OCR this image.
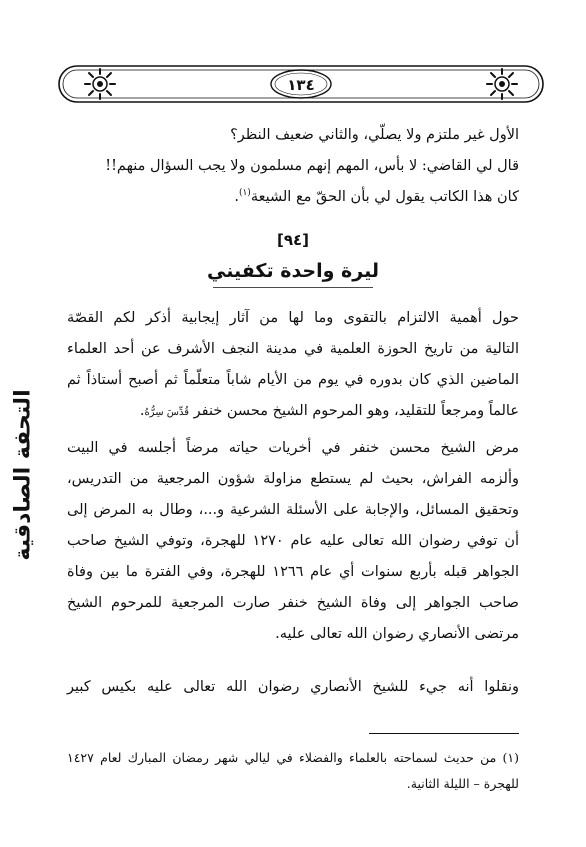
١٣٤
التحفة الصادقية
الأول غير ملتزم ولا يصلّي، والثاني ضعيف النظر؟
قال لي القاضي: لا بأس، المهم إنهم مسلمون ولا يجب السؤال منهم!!
كان هذا الكاتب يقول لي بأن الحقّ مع الشيعة$^{(١)}$.
[٩٤]
ليرة واحدة تكفيني
حول أهمية الالتزام بالتقوى وما لها من آثار إيجابية أذكر لكم القصّة
التالية من تاريخ الحوزة العلمية في مدينة النجف الأشرف عن أحد العلماء
الماضين الذي كان بدوره في يوم من الأيام شاباً متعلّماً ثم أصبح أستاذاً ثم
عالماً ومرجعاً للتقليد، وهو المرحوم الشيخ محسن خنفر قُدِّسَ سِرُّهُ.
مرض الشيخ محسن خنفر في أخريات حياته مرضاً أجلسه في البيت
وألزمه الفراش، بحيث لم يستطع مزاولة شؤون المرجعية من التدريس،
وتحقيق المسائل، والإجابة على الأسئلة الشرعية و...، وطال به المرض إلى
أن توفي رضوان الله تعالى عليه عام ١٢٧٠ للهجرة، وتوفي الشيخ صاحب
الجواهر قبله بأربع سنوات أي عام ١٢٦٦ للهجرة، وفي الفترة ما بين وفاة
صاحب الجواهر إلى وفاة الشيخ خنفر صارت المرجعية للمرحوم الشيخ
مرتضى الأنصاري رضوان الله تعالى عليه.
ونقلوا أنه جيء للشيخ الأنصاري رضوان الله تعالى عليه بكيس كبير
(١) من حديث لسماحته بالعلماء والفضلاء في ليالي شهر رمضان المبارك لعام ١٤٢٧
للهجرة – الليلة الثانية.
